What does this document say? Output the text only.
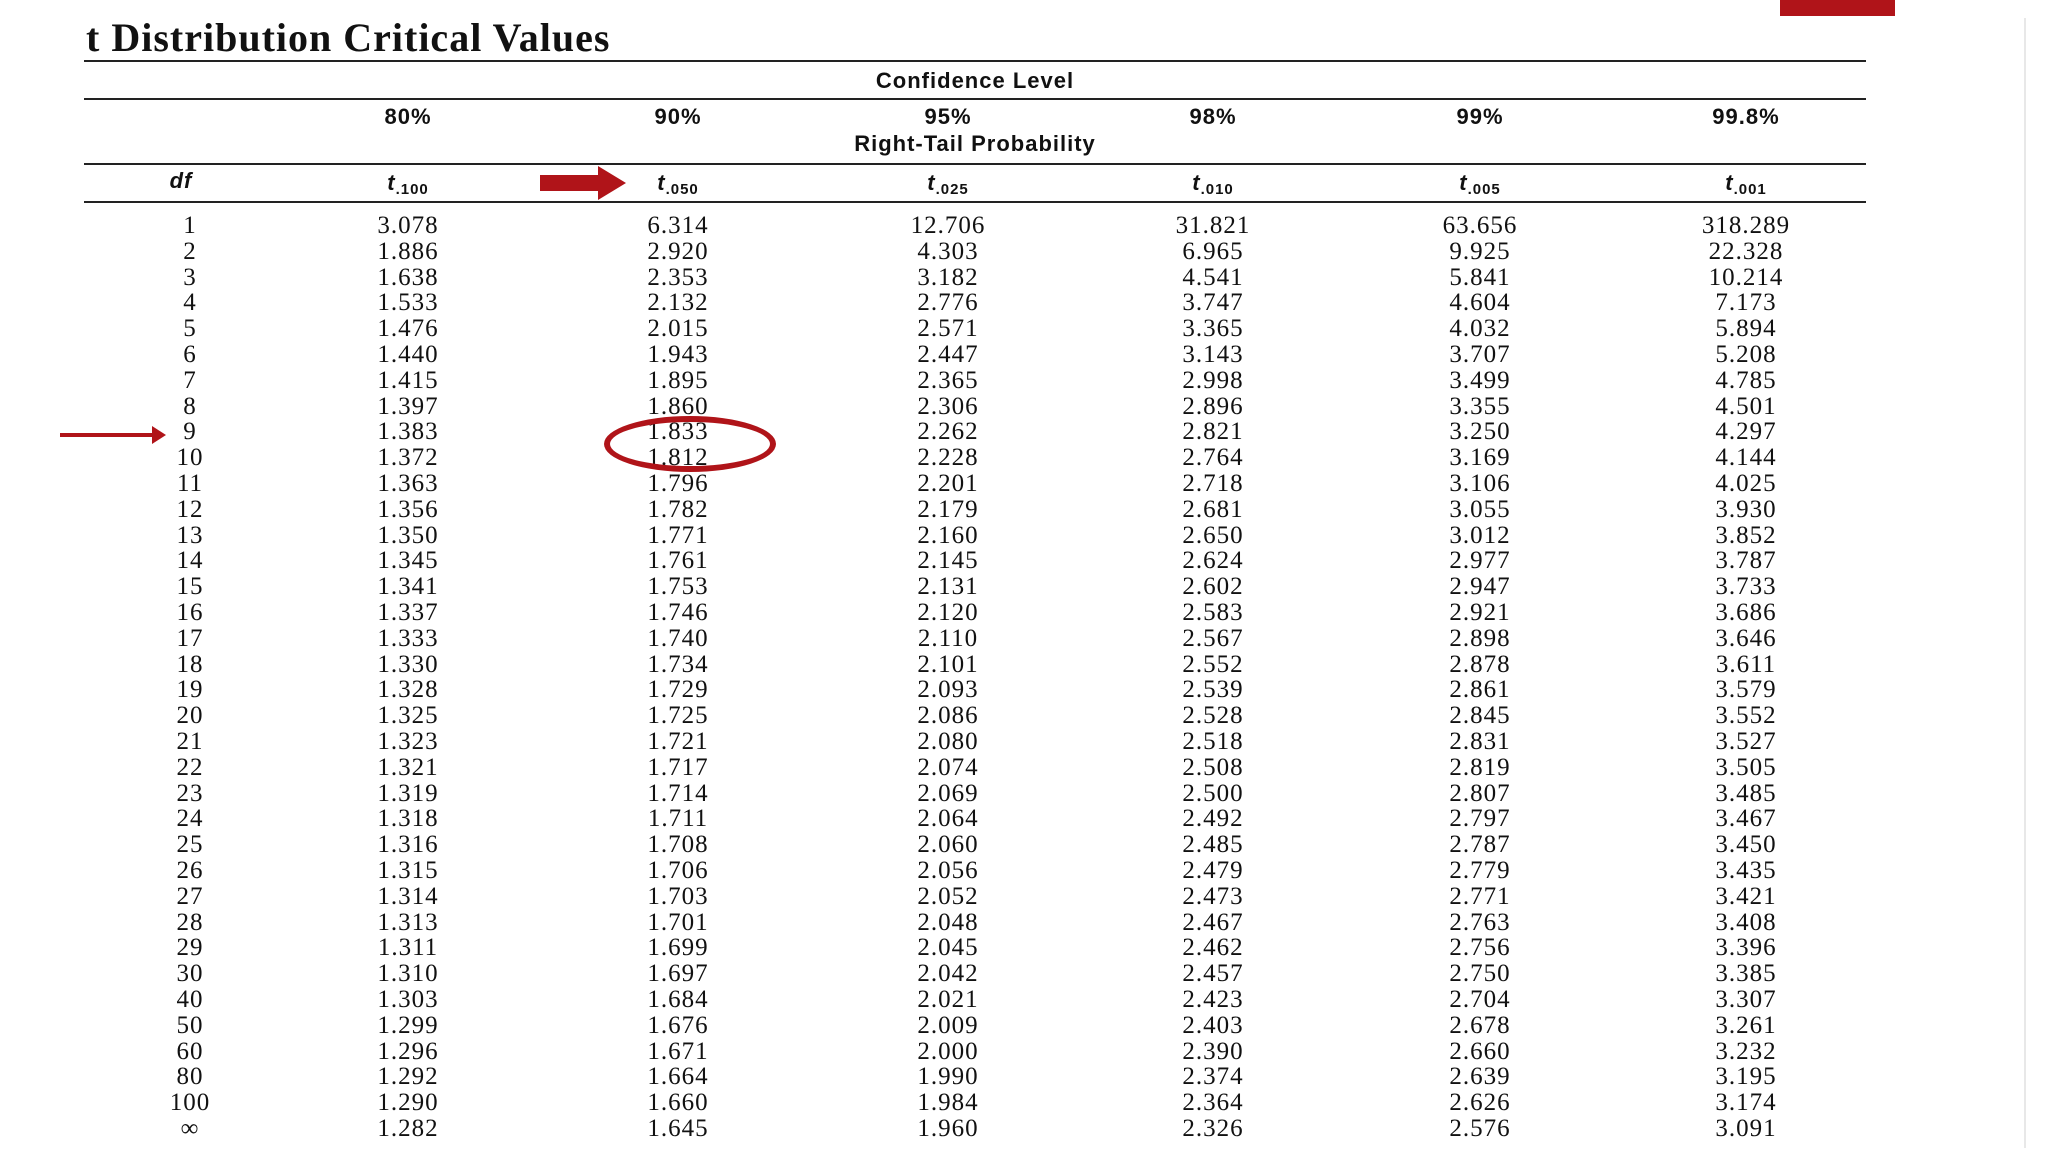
t Distribution Critical Values
Confidence Level
80%	90%	95%	98%	99%	99.8%
Right-Tail Probability
df	t.100	t.050	t.025	t.010	t.005	t.001
1	3.078	6.314	12.706	31.821	63.656	318.289
2	1.886	2.920	4.303	6.965	9.925	22.328
3	1.638	2.353	3.182	4.541	5.841	10.214
4	1.533	2.132	2.776	3.747	4.604	7.173
5	1.476	2.015	2.571	3.365	4.032	5.894
6	1.440	1.943	2.447	3.143	3.707	5.208
7	1.415	1.895	2.365	2.998	3.499	4.785
8	1.397	1.860	2.306	2.896	3.355	4.501
9	1.383	1.833	2.262	2.821	3.250	4.297
10	1.372	1.812	2.228	2.764	3.169	4.144
11	1.363	1.796	2.201	2.718	3.106	4.025
12	1.356	1.782	2.179	2.681	3.055	3.930
13	1.350	1.771	2.160	2.650	3.012	3.852
14	1.345	1.761	2.145	2.624	2.977	3.787
15	1.341	1.753	2.131	2.602	2.947	3.733
16	1.337	1.746	2.120	2.583	2.921	3.686
17	1.333	1.740	2.110	2.567	2.898	3.646
18	1.330	1.734	2.101	2.552	2.878	3.611
19	1.328	1.729	2.093	2.539	2.861	3.579
20	1.325	1.725	2.086	2.528	2.845	3.552
21	1.323	1.721	2.080	2.518	2.831	3.527
22	1.321	1.717	2.074	2.508	2.819	3.505
23	1.319	1.714	2.069	2.500	2.807	3.485
24	1.318	1.711	2.064	2.492	2.797	3.467
25	1.316	1.708	2.060	2.485	2.787	3.450
26	1.315	1.706	2.056	2.479	2.779	3.435
27	1.314	1.703	2.052	2.473	2.771	3.421
28	1.313	1.701	2.048	2.467	2.763	3.408
29	1.311	1.699	2.045	2.462	2.756	3.396
30	1.310	1.697	2.042	2.457	2.750	3.385
40	1.303	1.684	2.021	2.423	2.704	3.307
50	1.299	1.676	2.009	2.403	2.678	3.261
60	1.296	1.671	2.000	2.390	2.660	3.232
80	1.292	1.664	1.990	2.374	2.639	3.195
100	1.290	1.660	1.984	2.364	2.626	3.174
∞	1.282	1.645	1.960	2.326	2.576	3.091
